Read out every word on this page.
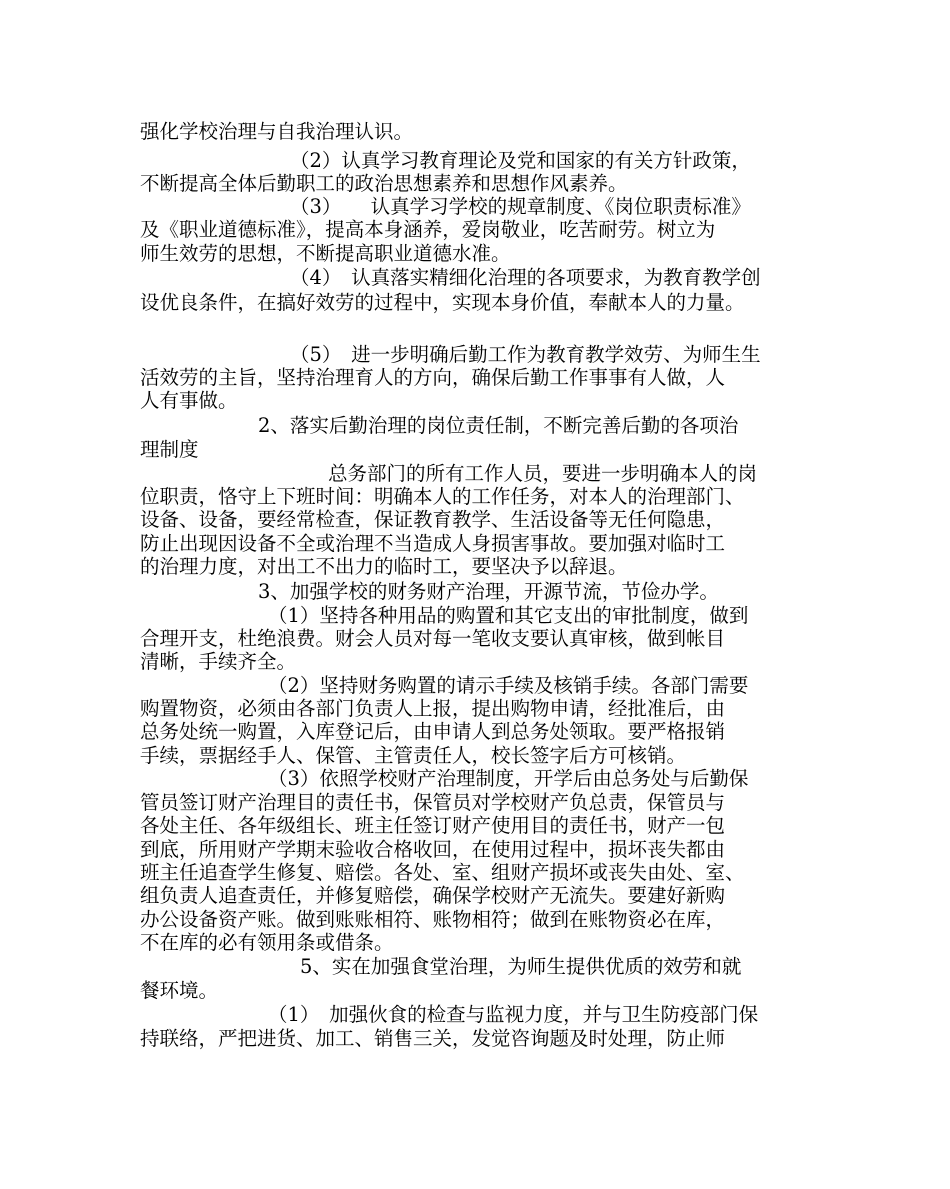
强化学校治理与自我治理认识。
（2）认真学习教育理论及党和国家的有关方针政策，
不断提高全体后勤职工的政治思想素养和思想作风素养。
（3）　　认真学习学校的规章制度、《岗位职责标准》
及《职业道德标准》，提高本身涵养，爱岗敬业，吃苦耐劳。树立为
师生效劳的思想，不断提高职业道德水准。
（4）　认真落实精细化治理的各项要求，为教育教学创
设优良条件，在搞好效劳的过程中，实现本身价值，奉献本人的力量。
（5）　进一步明确后勤工作为教育教学效劳、为师生生
活效劳的主旨，坚持治理育人的方向，确保后勤工作事事有人做，人
人有事做。
2、落实后勤治理的岗位责任制，不断完善后勤的各项治
理制度
总务部门的所有工作人员，要进一步明确本人的岗
位职责，恪守上下班时间：明确本人的工作任务，对本人的治理部门、
设备、设备，要经常检查，保证教育教学、生活设备等无任何隐患，
防止出现因设备不全或治理不当造成人身损害事故。要加强对临时工
的治理力度，对出工不出力的临时工，要坚决予以辞退。
3、加强学校的财务财产治理，开源节流，节俭办学。
（1）坚持各种用品的购置和其它支出的审批制度，做到
合理开支，杜绝浪费。财会人员对每一笔收支要认真审核，做到帐目
清晰，手续齐全。
（2）坚持财务购置的请示手续及核销手续。各部门需要
购置物资，必须由各部门负责人上报，提出购物申请，经批准后，由
总务处统一购置，入库登记后，由申请人到总务处领取。要严格报销
手续，票据经手人、保管、主管责任人，校长签字后方可核销。
（3）依照学校财产治理制度，开学后由总务处与后勤保
管员签订财产治理目的责任书，保管员对学校财产负总责，保管员与
各处主任、各年级组长、班主任签订财产使用目的责任书，财产一包
到底，所用财产学期末验收合格收回，在使用过程中，损坏丧失都由
班主任追查学生修复、赔偿。各处、室、组财产损坏或丧失由处、室、
组负责人追查责任，并修复赔偿，确保学校财产无流失。要建好新购
办公设备资产账。做到账账相符、账物相符；做到在账物资必在库，
不在库的必有领用条或借条。
5、实在加强食堂治理，为师生提供优质的效劳和就
餐环境。
（1）　加强伙食的检查与监视力度，并与卫生防疫部门保
持联络，严把进货、加工、销售三关，发觉咨询题及时处理，防止师
